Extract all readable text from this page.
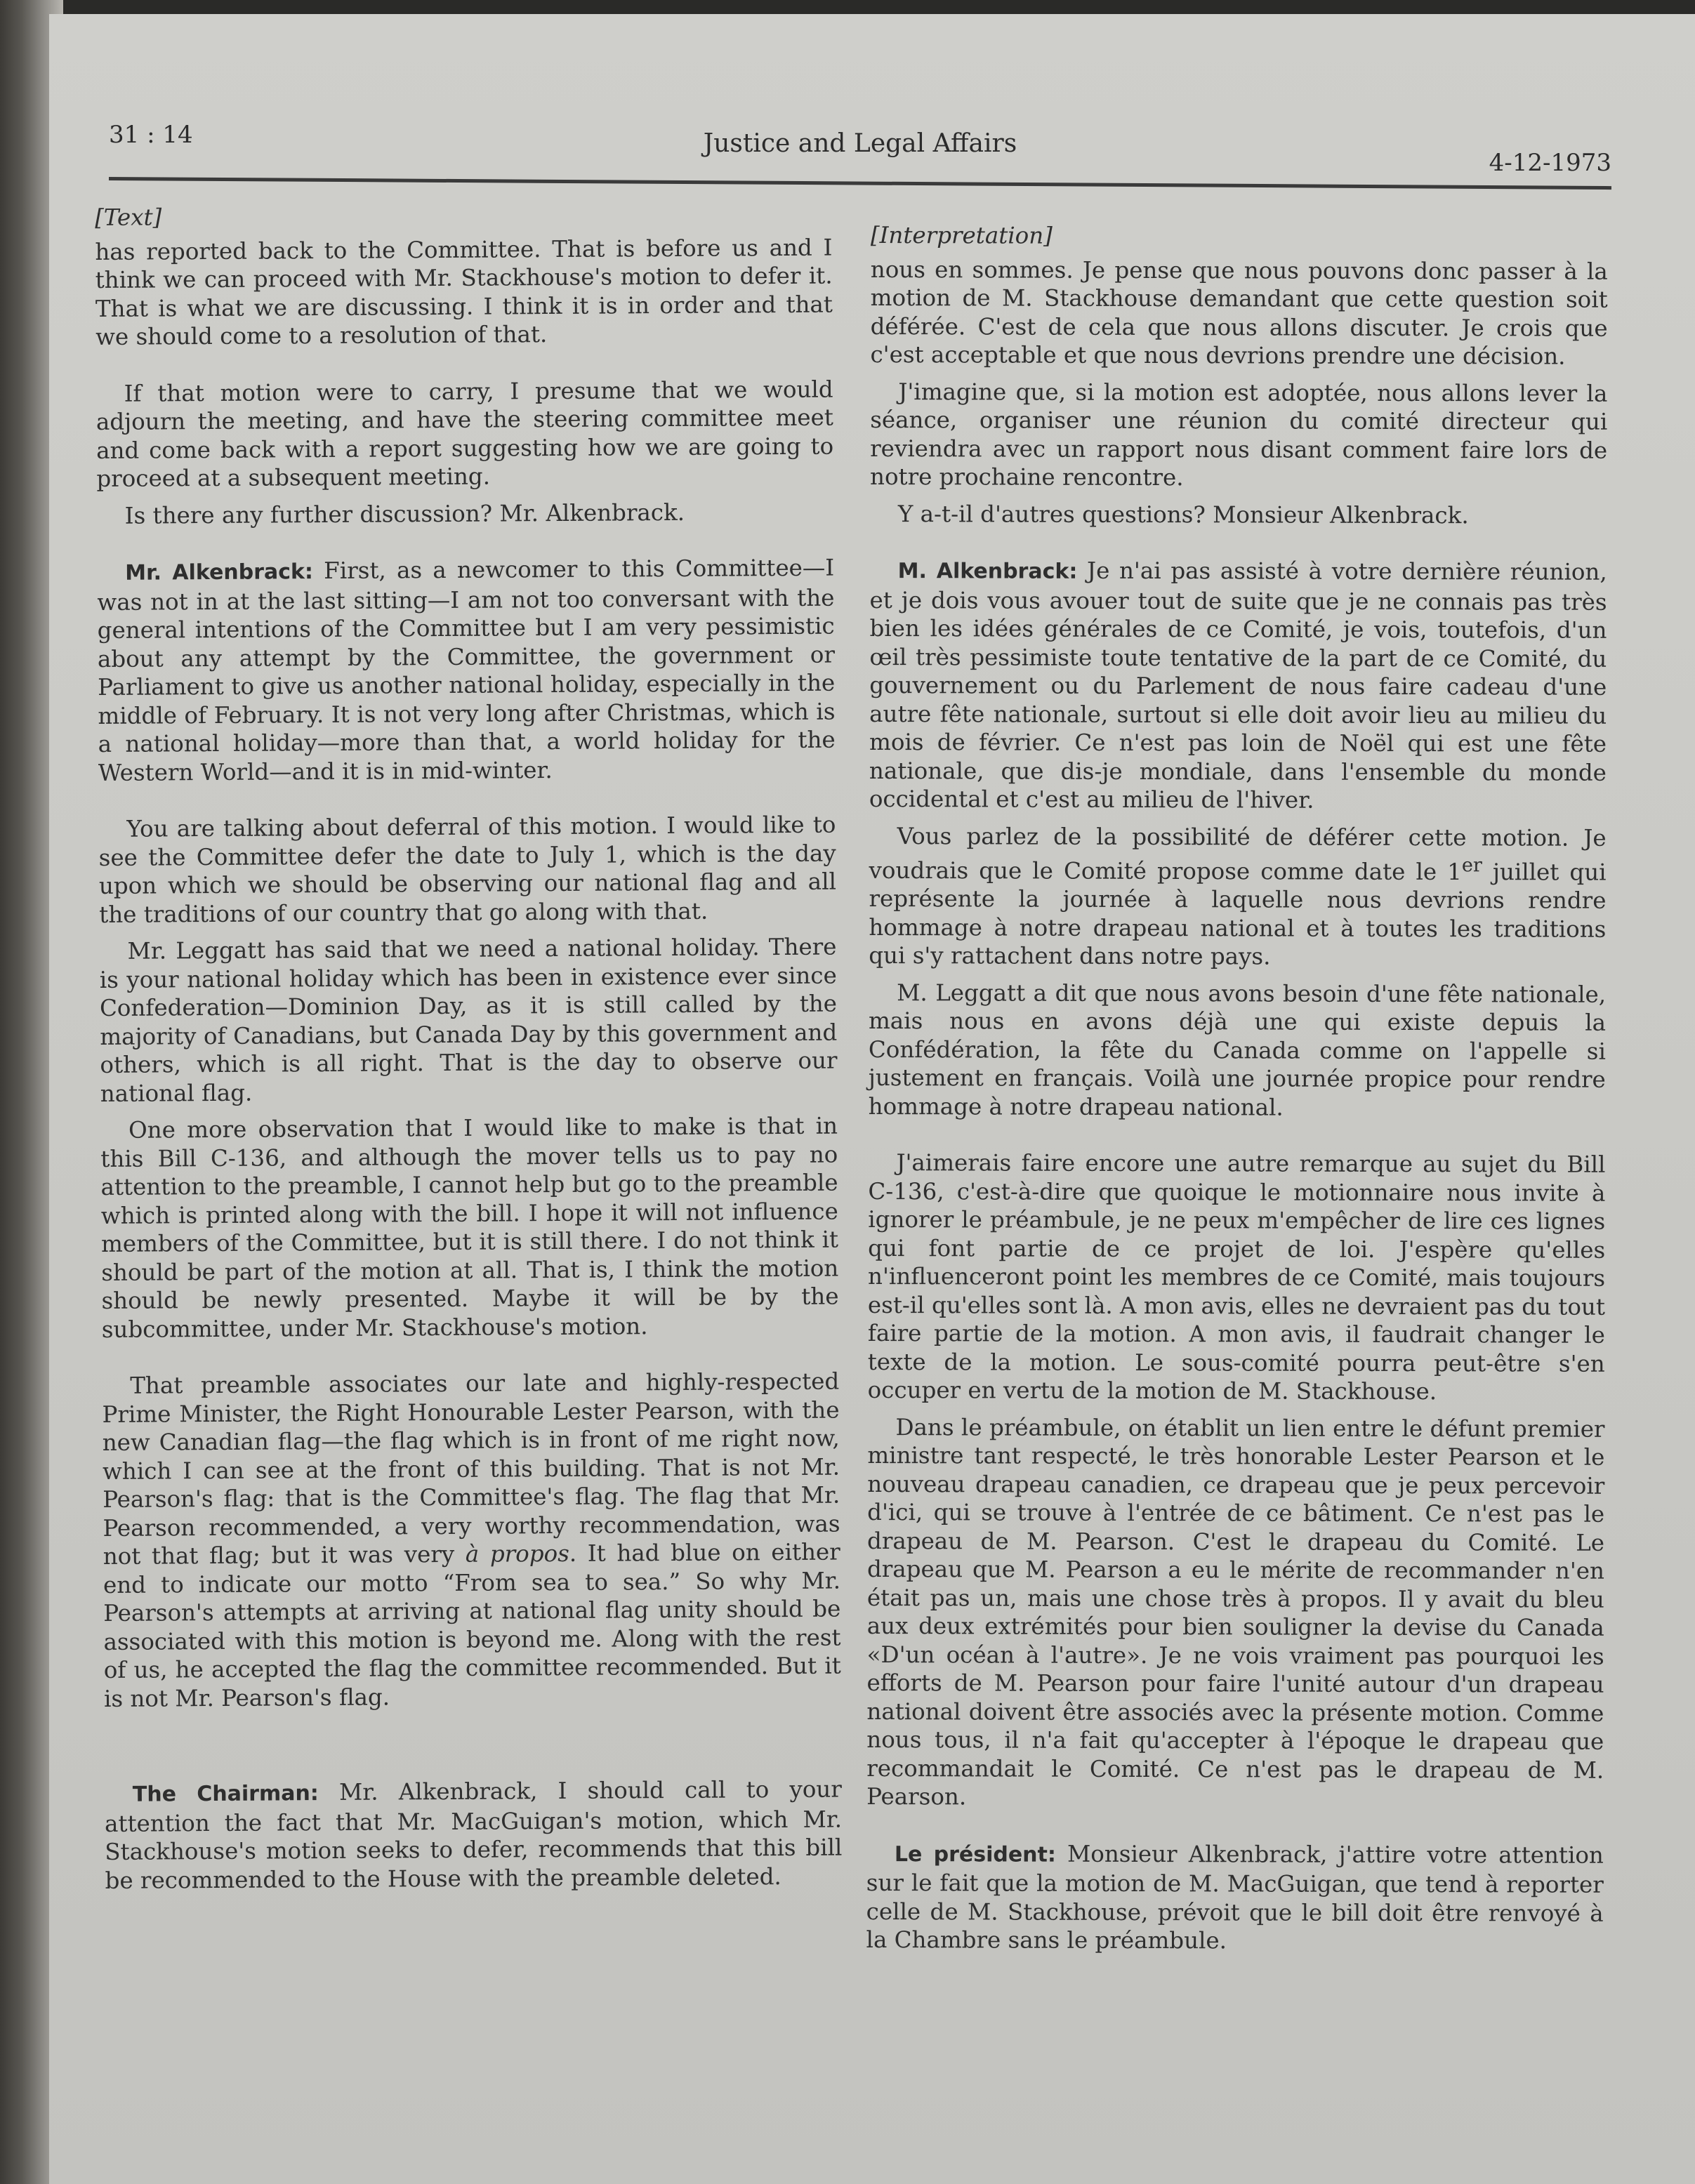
31 : 14	Justice and Legal Affairs
4-12-1973
[Text]

has reported back to the Committee. That is before us and I think we can proceed with Mr. Stackhouse's motion to defer it. That is what we are discussing. I think it is in order and that we should come to a resolution of that.

If that motion were to carry, I presume that we would adjourn the meeting, and have the steering committee meet and come back with a report suggesting how we are going to proceed at a subsequent meeting.

Is there any further discussion? Mr. Alkenbrack.

Mr. Alkenbrack: First, as a newcomer to this Committee—I was not in at the last sitting—I am not too conversant with the general intentions of the Committee but I am very pessimistic about any attempt by the Committee, the government or Parliament to give us another national holiday, especially in the middle of February. It is not very long after Christmas, which is a national holiday—more than that, a world holiday for the Western World—and it is in mid-winter.

You are talking about deferral of this motion. I would like to see the Committee defer the date to July 1, which is the day upon which we should be observing our national flag and all the traditions of our country that go along with that.

Mr. Leggatt has said that we need a national holiday. There is your national holiday which has been in existence ever since Confederation—Dominion Day, as it is still called by the majority of Canadians, but Canada Day by this government and others, which is all right. That is the day to observe our national flag.

One more observation that I would like to make is that in this Bill C-136, and although the mover tells us to pay no attention to the preamble, I cannot help but go to the preamble which is printed along with the bill. I hope it will not influence members of the Committee, but it is still there. I do not think it should be part of the motion at all. That is, I think the motion should be newly presented. Maybe it will be by the subcommittee, under Mr. Stackhouse's motion.

That preamble associates our late and highly-respected Prime Minister, the Right Honourable Lester Pearson, with the new Canadian flag—the flag which is in front of me right now, which I can see at the front of this building. That is not Mr. Pearson's flag: that is the Committee's flag. The flag that Mr. Pearson recommended, a very worthy recommendation, was not that flag; but it was very à propos. It had blue on either end to indicate our motto “From sea to sea.” So why Mr. Pearson's attempts at arriving at national flag unity should be associated with this motion is beyond me. Along with the rest of us, he accepted the flag the committee recommended. But it is not Mr. Pearson's flag.

The Chairman: Mr. Alkenbrack, I should call to your attention the fact that Mr. MacGuigan's motion, which Mr. Stackhouse's motion seeks to defer, recommends that this bill be recommended to the House with the preamble deleted.

[Interpretation]

nous en sommes. Je pense que nous pouvons donc passer à la motion de M. Stackhouse demandant que cette question soit déférée. C'est de cela que nous allons discuter. Je crois que c'est acceptable et que nous devrions prendre une décision.

J'imagine que, si la motion est adoptée, nous allons lever la séance, organiser une réunion du comité directeur qui reviendra avec un rapport nous disant comment faire lors de notre prochaine rencontre.

Y a-t-il d'autres questions? Monsieur Alkenbrack.

M. Alkenbrack: Je n'ai pas assisté à votre dernière réunion, et je dois vous avouer tout de suite que je ne connais pas très bien les idées générales de ce Comité, je vois, toutefois, d'un œil très pessimiste toute tentative de la part de ce Comité, du gouvernement ou du Parlement de nous faire cadeau d'une autre fête nationale, surtout si elle doit avoir lieu au milieu du mois de février. Ce n'est pas loin de Noël qui est une fête nationale, que dis-je mondiale, dans l'ensemble du monde occidental et c'est au milieu de l'hiver.

Vous parlez de la possibilité de déférer cette motion. Je voudrais que le Comité propose comme date le 1er juillet qui représente la journée à laquelle nous devrions rendre hommage à notre drapeau national et à toutes les traditions qui s'y rattachent dans notre pays.

M. Leggatt a dit que nous avons besoin d'une fête nationale, mais nous en avons déjà une qui existe depuis la Confédération, la fête du Canada comme on l'appelle si justement en français. Voilà une journée propice pour rendre hommage à notre drapeau national.

J'aimerais faire encore une autre remarque au sujet du Bill C-136, c'est-à-dire que quoique le motionnaire nous invite à ignorer le préambule, je ne peux m'empêcher de lire ces lignes qui font partie de ce projet de loi. J'espère qu'elles n'influenceront point les membres de ce Comité, mais toujours est-il qu'elles sont là. A mon avis, elles ne devraient pas du tout faire partie de la motion. A mon avis, il faudrait changer le texte de la motion. Le sous-comité pourra peut-être s'en occuper en vertu de la motion de M. Stackhouse.

Dans le préambule, on établit un lien entre le défunt premier ministre tant respecté, le très honorable Lester Pearson et le nouveau drapeau canadien, ce drapeau que je peux percevoir d'ici, qui se trouve à l'entrée de ce bâtiment. Ce n'est pas le drapeau de M. Pearson. C'est le drapeau du Comité. Le drapeau que M. Pearson a eu le mérite de recommander n'en était pas un, mais une chose très à propos. Il y avait du bleu aux deux extrémités pour bien souligner la devise du Canada «D'un océan à l'autre». Je ne vois vraiment pas pourquoi les efforts de M. Pearson pour faire l'unité autour d'un drapeau national doivent être associés avec la présente motion. Comme nous tous, il n'a fait qu'accepter à l'époque le drapeau que recommandait le Comité. Ce n'est pas le drapeau de M. Pearson.

Le président: Monsieur Alkenbrack, j'attire votre attention sur le fait que la motion de M. MacGuigan, que tend à reporter celle de M. Stackhouse, prévoit que le bill doit être renvoyé à la Chambre sans le préambule.
